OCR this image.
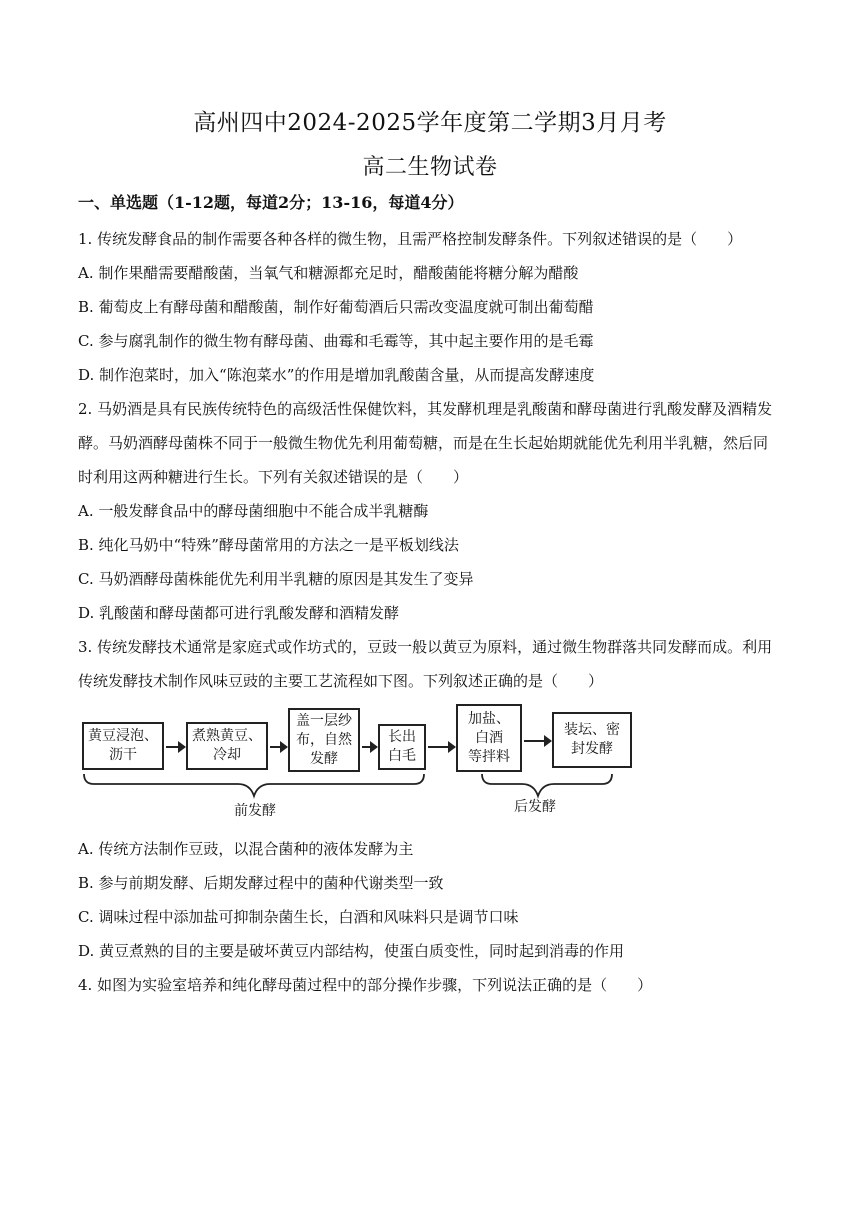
高州四中2024-2025学年度第二学期3月月考
高二生物试卷
一、单选题（1-12题，每道2分；13-16，每道4分）
1. 传统发酵食品的制作需要各种各样的微生物，且需严格控制发酵条件。下列叙述错误的是（　　）
A. 制作果醋需要醋酸菌，当氧气和糖源都充足时，醋酸菌能将糖分解为醋酸
B. 葡萄皮上有酵母菌和醋酸菌，制作好葡萄酒后只需改变温度就可制出葡萄醋
C. 参与腐乳制作的微生物有酵母菌、曲霉和毛霉等，其中起主要作用的是毛霉
D. 制作泡菜时，加入“陈泡菜水”的作用是增加乳酸菌含量，从而提高发酵速度
2. 马奶酒是具有民族传统特色的高级活性保健饮料，其发酵机理是乳酸菌和酵母菌进行乳酸发酵及酒精发
酵。马奶酒酵母菌株不同于一般微生物优先利用葡萄糖，而是在生长起始期就能优先利用半乳糖，然后同
时利用这两种糖进行生长。下列有关叙述错误的是（　　）
A. 一般发酵食品中的酵母菌细胞中不能合成半乳糖酶
B. 纯化马奶中“特殊”酵母菌常用的方法之一是平板划线法
C. 马奶酒酵母菌株能优先利用半乳糖的原因是其发生了变异
D. 乳酸菌和酵母菌都可进行乳酸发酵和酒精发酵
3. 传统发酵技术通常是家庭式或作坊式的，豆豉一般以黄豆为原料，通过微生物群落共同发酵而成。利用
传统发酵技术制作风味豆豉的主要工艺流程如下图。下列叙述正确的是（　　）
黄豆浸泡、
沥干
煮熟黄豆、
冷却
盖一层纱
布，自然
发酵
长出
白毛
加盐、
白酒
等拌料
装坛、密
封发酵
前发酵	后发酵
A. 传统方法制作豆豉，以混合菌种的液体发酵为主
B. 参与前期发酵、后期发酵过程中的菌种代谢类型一致
C. 调味过程中添加盐可抑制杂菌生长，白酒和风味料只是调节口味
D. 黄豆煮熟的目的主要是破坏黄豆内部结构，使蛋白质变性，同时起到消毒的作用
4. 如图为实验室培养和纯化酵母菌过程中的部分操作步骤，下列说法正确的是（　　）
